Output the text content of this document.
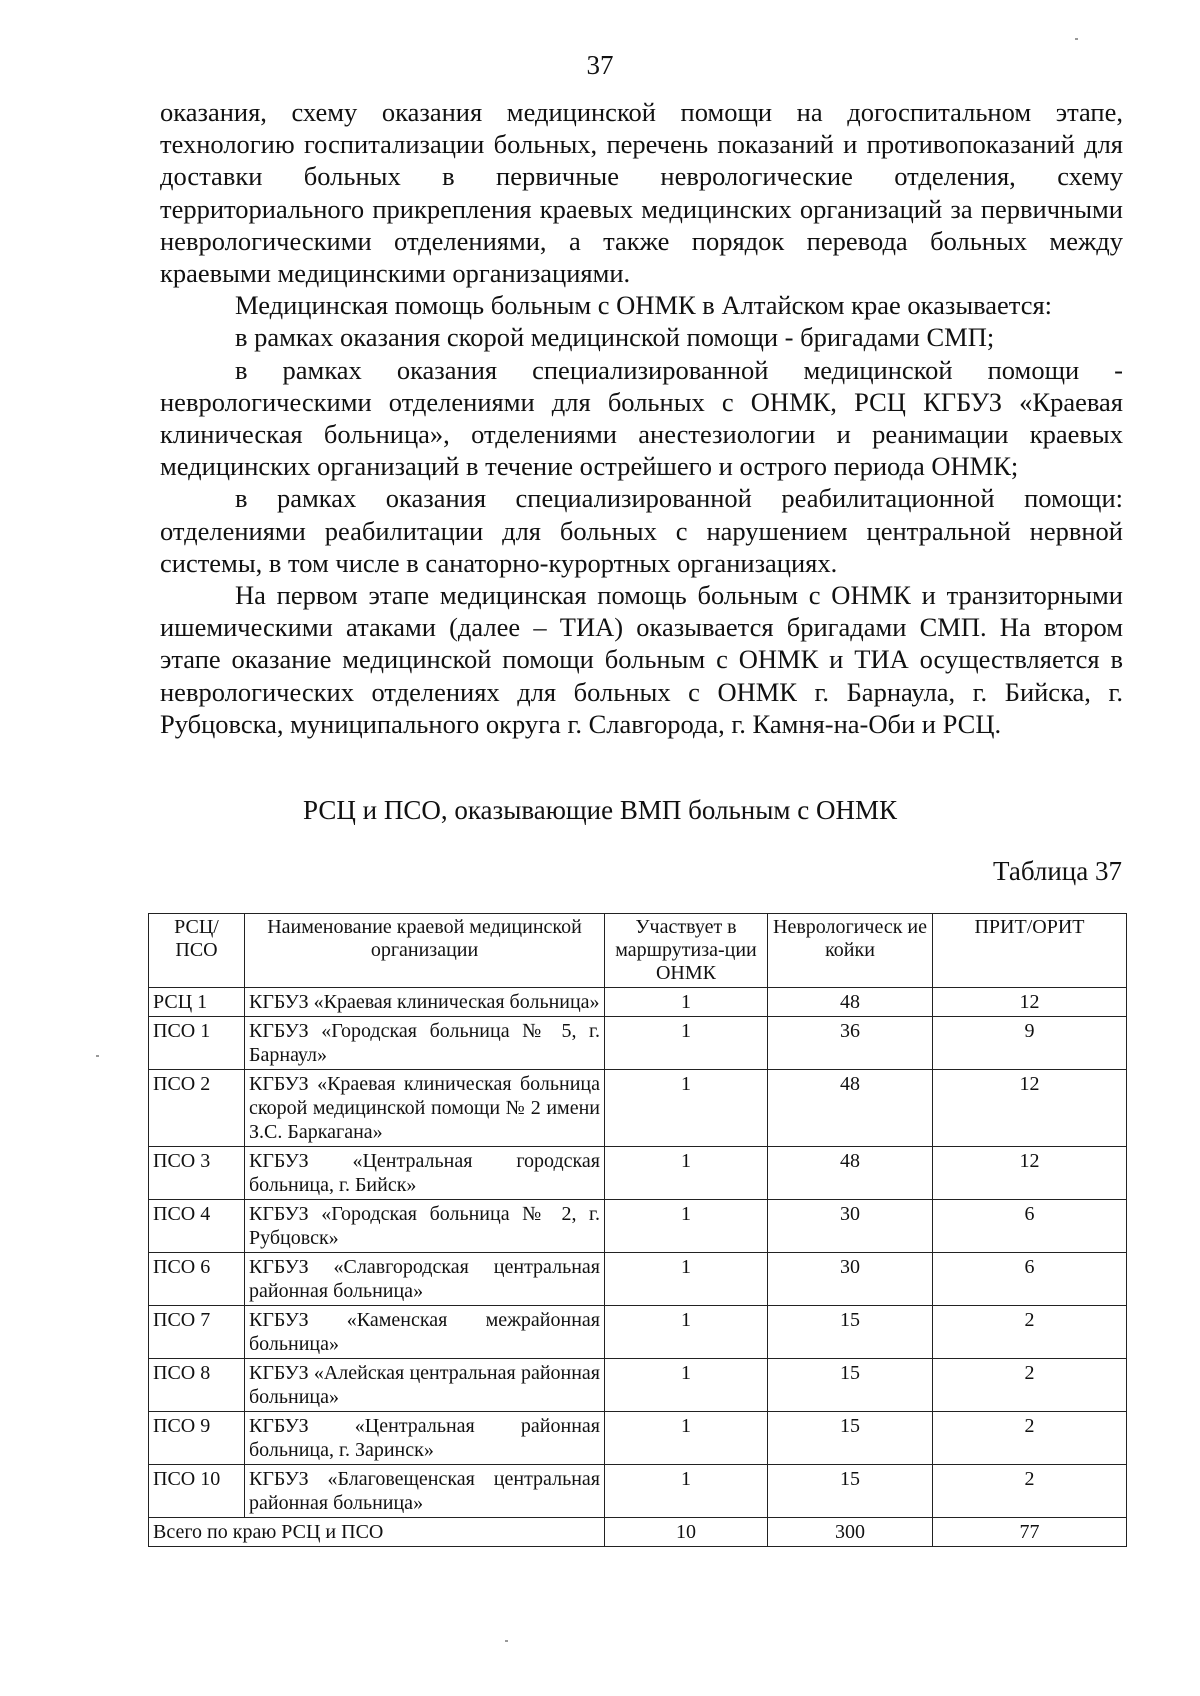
37

оказания, схему оказания медицинской помощи на догоспитальном этапе, технологию госпитализации больных, перечень показаний и противопоказаний для доставки больных в первичные неврологические отделения, схему территориального прикрепления краевых медицинских организаций за первичными неврологическими отделениями, а также порядок перевода больных между краевыми медицинскими организациями.

Медицинская помощь больным с ОНМК в Алтайском крае оказывается:

в рамках оказания скорой медицинской помощи - бригадами СМП;

в рамках оказания специализированной медицинской помощи - неврологическими отделениями для больных с ОНМК, РСЦ КГБУЗ «Краевая клиническая больница», отделениями анестезиологии и реанимации краевых медицинских организаций в течение острейшего и острого периода ОНМК;

в рамках оказания специализированной реабилитационной помощи: отделениями реабилитации для больных с нарушением центральной нервной системы, в том числе в санаторно-курортных организациях.

На первом этапе медицинская помощь больным с ОНМК и транзиторными ишемическими атаками (далее – ТИА) оказывается бригадами СМП. На втором этапе оказание медицинской помощи больным с ОНМК и ТИА осуществляется в неврологических отделениях для больных с ОНМК г. Барнаула, г. Бийска, г. Рубцовска, муниципального округа г. Славгорода, г. Камня-на-Оби и РСЦ.

РСЦ и ПСО, оказывающие ВМП больным с ОНМК
Таблица 37
РСЦ/ ПСО	Наименование краевой медицинской организации	Участвует в маршрутиза-ции ОНМК	Неврологическ ие койки	ПРИТ/ОРИТ
РСЦ 1	КГБУЗ «Краевая клиническая больница»	1	48	12
ПСО 1	КГБУЗ «Городская больница № 5, г. Барнаул»	1	36	9
ПСО 2	КГБУЗ «Краевая клиническая больница скорой медицинской помощи № 2 имени З.С. Баркагана»	1	48	12
ПСО 3	КГБУЗ «Центральная городская больница, г. Бийск»	1	48	12
ПСО 4	КГБУЗ «Городская больница № 2, г. Рубцовск»	1	30	6
ПСО 6	КГБУЗ «Славгородская центральная районная больница»	1	30	6
ПСО 7	КГБУЗ «Каменская межрайонная больница»	1	15	2
ПСО 8	КГБУЗ «Алейская центральная районная больница»	1	15	2
ПСО 9	КГБУЗ «Центральная районная больница, г. Заринск»	1	15	2
ПСО 10	КГБУЗ «Благовещенская центральная районная больница»	1	15	2
Всего по краю РСЦ и ПСО		10	300	77
